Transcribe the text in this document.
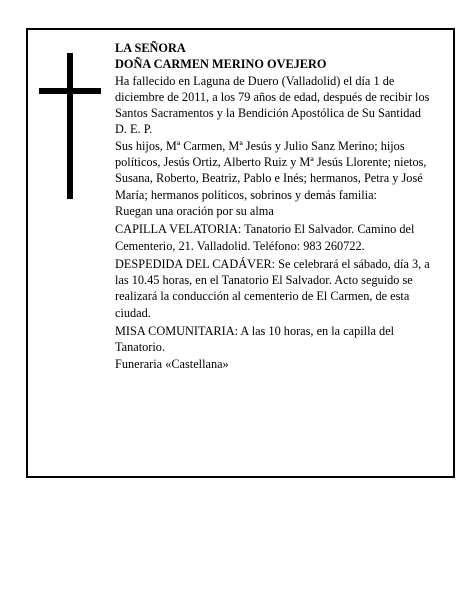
LA SEÑORA

DOÑA CARMEN MERINO OVEJERO

Ha fallecido en Laguna de Duero (Valladolid) el día 1 de diciembre de 2011, a los 79 años de edad, después de recibir los Santos Sacramentos y la Bendición Apostólica de Su Santidad

D. E. P.

Sus hijos, Mª Carmen, Mª Jesús y Julio Sanz Merino; hijos políticos, Jesús Ortiz, Alberto Ruiz y Mª Jesús Llorente; nietos, Susana, Roberto, Beatriz, Pablo e Inés; hermanos, Petra y José María; hermanos políticos, sobrinos y demás familia:

Ruegan una oración por su alma

CAPILLA VELATORIA: Tanatorio El Salvador. Camino del Cementerio, 21. Valladolid. Teléfono: 983 260722.

DESPEDIDA DEL CADÁVER: Se celebrará el sábado, día 3, a las 10.45 horas, en el Tanatorio El Salvador. Acto seguido se realizará la conducción al cementerio de El Carmen, de esta ciudad.

MISA COMUNITARIA: A las 10 horas, en la capilla del Tanatorio.

Funeraria «Castellana»
